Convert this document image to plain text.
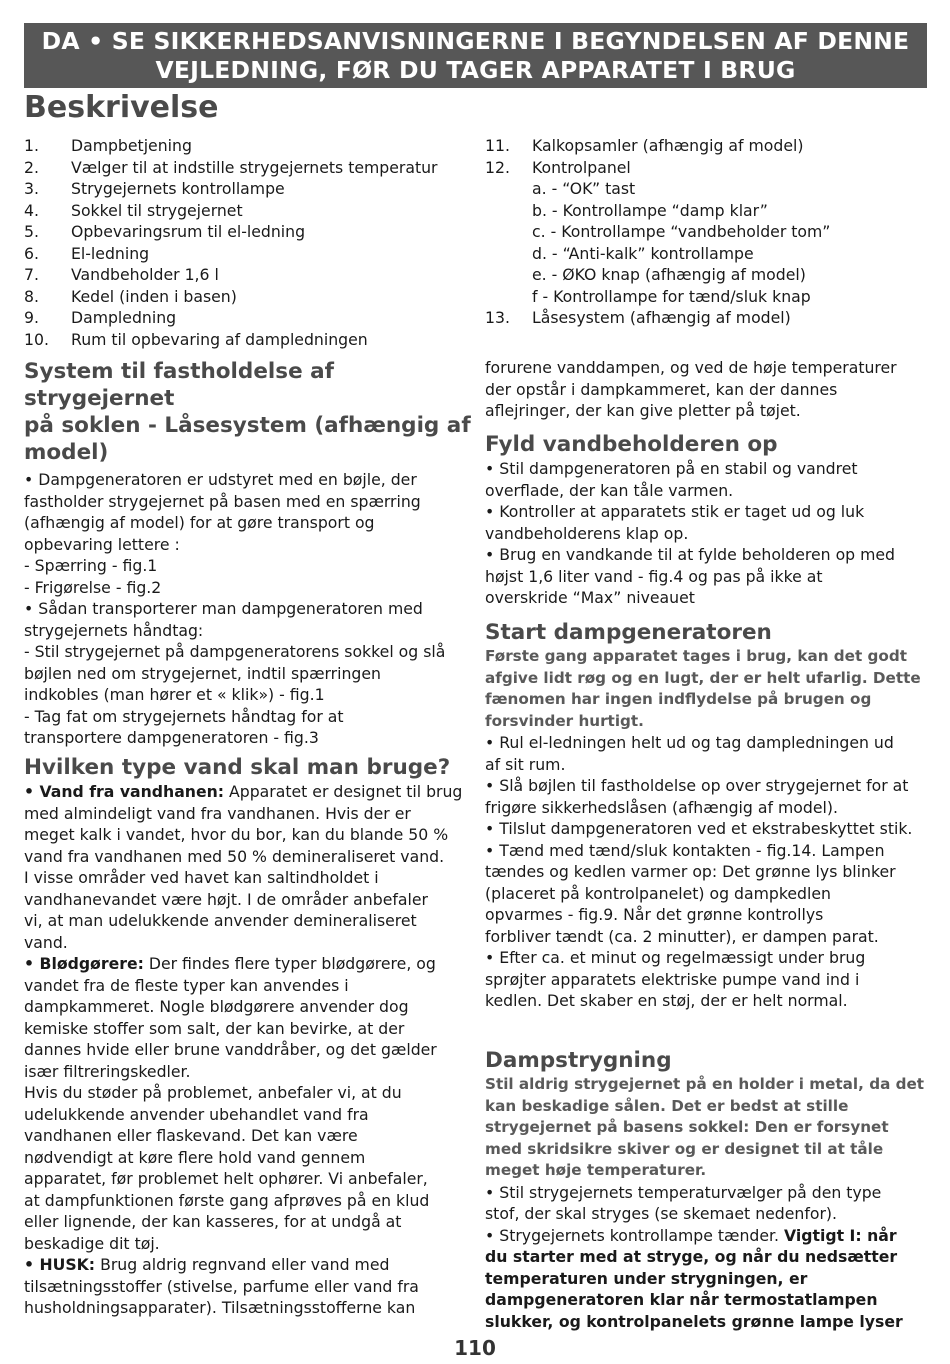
DA • SE SIKKERHEDSANVISNINGERNE I BEGYNDELSEN AF DENNE
VEJLEDNING, FØR DU TAGER APPARATET I BRUG
Beskrivelse
1.	Dampbetjening
2.	Vælger til at indstille strygejernets temperatur
3.	Strygejernets kontrollampe
4.	Sokkel til strygejernet
5.	Opbevaringsrum til el-ledning
6.	El-ledning
7.	Vandbeholder 1,6 l
8.	Kedel (inden i basen)
9.	Dampledning
10.	Rum til opbevaring af dampledningen
11.	Kalkopsamler (afhængig af model)
12.	Kontrolpanel
a. - “OK” tast
b. - Kontrollampe “damp klar”
c. - Kontrollampe “vandbeholder tom”
d. - “Anti-kalk” kontrollampe
e. - ØKO knap (afhængig af model)
f - Kontrollampe for tænd/sluk knap
13.	Låsesystem (afhængig af model)
System til fastholdelse af strygejernet
på soklen - Låsesystem (afhængig af
model)
• Dampgeneratoren er udstyret med en bøjle, der
fastholder strygejernet på basen med en spærring
(afhængig af model) for at gøre transport og
opbevaring lettere :
- Spærring - fig.1
- Frigørelse - fig.2
• Sådan transporterer man dampgeneratoren med
strygejernets håndtag:
- Stil strygejernet på dampgeneratorens sokkel og slå
bøjlen ned om strygejernet, indtil spærringen
indkobles (man hører et « klik») - fig.1
- Tag fat om strygejernets håndtag for at
transportere dampgeneratoren - fig.3
Hvilken type vand skal man bruge?
• Vand fra vandhanen: Apparatet er designet til brug
med almindeligt vand fra vandhanen. Hvis der er
meget kalk i vandet, hvor du bor, kan du blande 50 %
vand fra vandhanen med 50 % demineraliseret vand.
I visse områder ved havet kan saltindholdet i
vandhanevandet være højt. I de områder anbefaler
vi, at man udelukkende anvender demineraliseret
vand.
• Blødgørere: Der findes flere typer blødgørere, og
vandet fra de fleste typer kan anvendes i
dampkammeret. Nogle blødgørere anvender dog
kemiske stoffer som salt, der kan bevirke, at der
dannes hvide eller brune vanddråber, og det gælder
især filtreringskedler.
Hvis du støder på problemet, anbefaler vi, at du
udelukkende anvender ubehandlet vand fra
vandhanen eller flaskevand. Det kan være
nødvendigt at køre flere hold vand gennem
apparatet, før problemet helt ophører. Vi anbefaler,
at dampfunktionen første gang afprøves på en klud
eller lignende, der kan kasseres, for at undgå at
beskadige dit tøj.
• HUSK: Brug aldrig regnvand eller vand med
tilsætningsstoffer (stivelse, parfume eller vand fra
husholdningsapparater). Tilsætningsstofferne kan
forurene vanddampen, og ved de høje temperaturer
der opstår i dampkammeret, kan der dannes
aflejringer, der kan give pletter på tøjet.
Fyld vandbeholderen op
• Stil dampgeneratoren på en stabil og vandret
overflade, der kan tåle varmen.
• Kontroller at apparatets stik er taget ud og luk
vandbeholderens klap op.
• Brug en vandkande til at fylde beholderen op med
højst 1,6 liter vand - fig.4 og pas på ikke at
overskride “Max” niveauet
Start dampgeneratoren
Første gang apparatet tages i brug, kan det godt
afgive lidt røg og en lugt, der er helt ufarlig. Dette
fænomen har ingen indflydelse på brugen og
forsvinder hurtigt.
• Rul el-ledningen helt ud og tag dampledningen ud
af sit rum.
• Slå bøjlen til fastholdelse op over strygejernet for at
frigøre sikkerhedslåsen (afhængig af model).
• Tilslut dampgeneratoren ved et ekstrabeskyttet stik.
• Tænd med tænd/sluk kontakten - fig.14. Lampen
tændes og kedlen varmer op: Det grønne lys blinker
(placeret på kontrolpanelet) og dampkedlen
opvarmes - fig.9. Når det grønne kontrollys
forbliver tændt (ca. 2 minutter), er dampen parat.
• Efter ca. et minut og regelmæssigt under brug
sprøjter apparatets elektriske pumpe vand ind i
kedlen. Det skaber en støj, der er helt normal.
Dampstrygning
Stil aldrig strygejernet på en holder i metal, da det
kan beskadige sålen. Det er bedst at stille
strygejernet på basens sokkel: Den er forsynet
med skridsikre skiver og er designet til at tåle
meget høje temperaturer.
• Stil strygejernets temperaturvælger på den type
stof, der skal stryges (se skemaet nedenfor).
• Strygejernets kontrollampe tænder. Vigtigt I: når
du starter med at stryge, og når du nedsætter
temperaturen under strygningen, er
dampgeneratoren klar når termostatlampen
slukker, og kontrolpanelets grønne lampe lyser
110
